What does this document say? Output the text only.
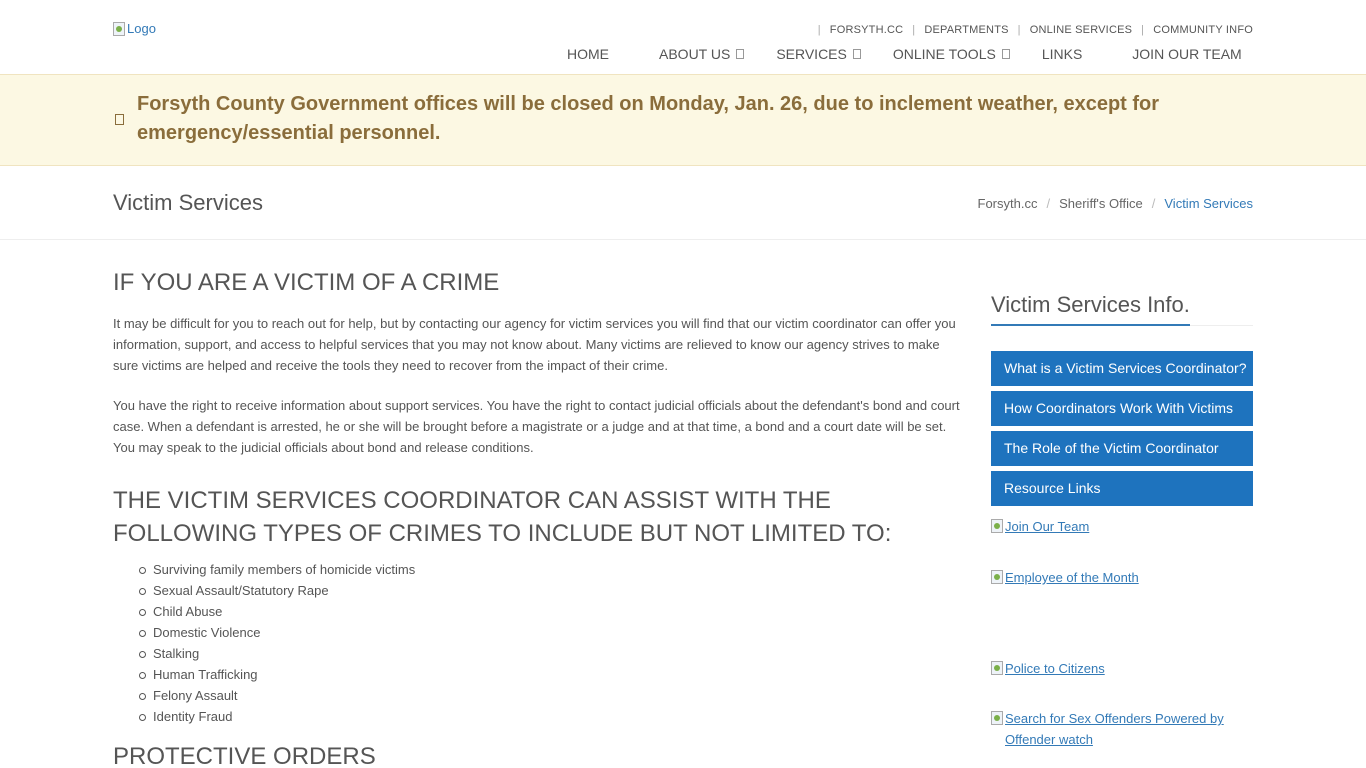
Logo	| FORSYTH.CC | DEPARTMENTS | ONLINE SERVICES | COMMUNITY INFO
HOME	ABOUT US	SERVICES	ONLINE TOOLS	LINKS	JOIN OUR TEAM
Forsyth County Government offices will be closed on Monday, Jan. 26, due to inclement weather, except for emergency/essential personnel.
Victim Services	Forsyth.cc / Sheriff's Office / Victim Services
IF YOU ARE A VICTIM OF A CRIME

It may be difficult for you to reach out for help, but by contacting our agency for victim services you will find that our victim coordinator can offer you information, support, and access to helpful services that you may not know about. Many victims are relieved to know our agency strives to make sure victims are helped and receive the tools they need to recover from the impact of their crime.

You have the right to receive information about support services. You have the right to contact judicial officials about the defendant's bond and court case. When a defendant is arrested, he or she will be brought before a magistrate or a judge and at that time, a bond and a court date will be set. You may speak to the judicial officials about bond and release conditions.

THE VICTIM SERVICES COORDINATOR CAN ASSIST WITH THE FOLLOWING TYPES OF CRIMES TO INCLUDE BUT NOT LIMITED TO:
Surviving family members of homicide victims
Sexual Assault/Statutory Rape
Child Abuse
Domestic Violence
Stalking
Human Trafficking
Felony Assault
Identity Fraud
PROTECTIVE ORDERS
Victim Services Info.
What is a Victim Services Coordinator?
How Coordinators Work With Victims
The Role of the Victim Coordinator
Resource Links
Join Our Team
Employee of the Month
Police to Citizens
Search for Sex Offenders Powered by Offender watch
